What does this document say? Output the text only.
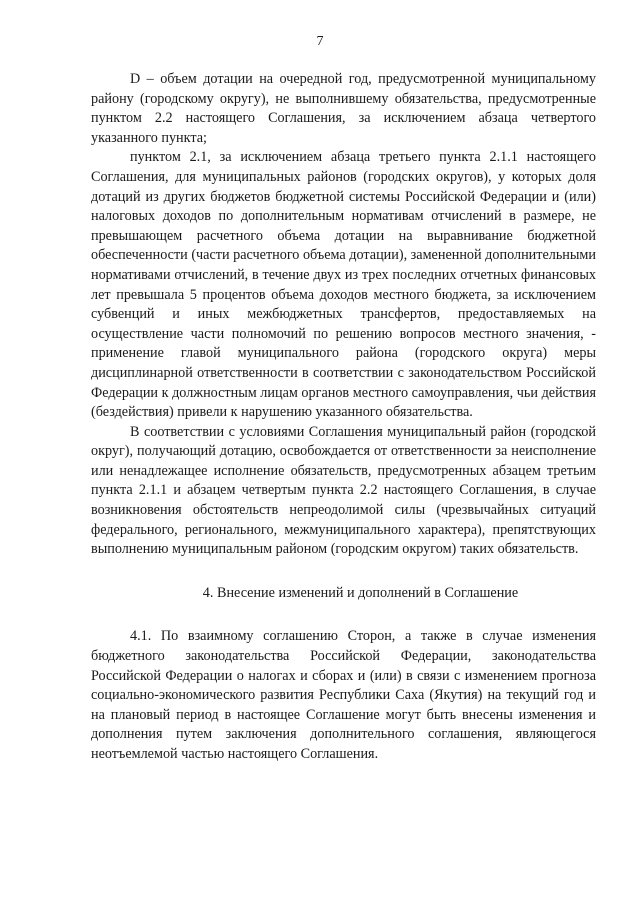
7

D – объем дотации на очередной год, предусмотренной муниципальному району (городскому округу), не выполнившему обязательства, предусмотренные пунктом 2.2 настоящего Соглашения, за исключением абзаца четвертого указанного пункта;

пунктом 2.1, за исключением абзаца третьего пункта 2.1.1 настоящего Соглашения, для муниципальных районов (городских округов), у которых доля дотаций из других бюджетов бюджетной системы Российской Федерации и (или) налоговых доходов по дополнительным нормативам отчислений в размере, не превышающем расчетного объема дотации на выравнивание бюджетной обеспеченности (части расчетного объема дотации), замененной дополнительными нормативами отчислений, в течение двух из трех последних отчетных финансовых лет превышала 5 процентов объема доходов местного бюджета, за исключением субвенций и иных межбюджетных трансфертов, предоставляемых на осуществление части полномочий по решению вопросов местного значения, - применение главой муниципального района (городского округа) меры дисциплинарной ответственности в соответствии с законодательством Российской Федерации к должностным лицам органов местного самоуправления, чьи действия (бездействия) привели к нарушению указанного обязательства.

В соответствии с условиями Соглашения муниципальный район (городской округ), получающий дотацию, освобождается от ответственности за неисполнение или ненадлежащее исполнение обязательств, предусмотренных абзацем третьим пункта 2.1.1 и абзацем четвертым пункта 2.2 настоящего Соглашения, в случае возникновения обстоятельств непреодолимой силы (чрезвычайных ситуаций федерального, регионального, межмуниципального характера), препятствующих выполнению муниципальным районом (городским округом) таких обязательств.

4. Внесение изменений и дополнений в Соглашение

4.1. По взаимному соглашению Сторон, а также в случае изменения бюджетного законодательства Российской Федерации, законодательства Российской Федерации о налогах и сборах и (или) в связи с изменением прогноза социально-экономического развития Республики Саха (Якутия) на текущий год и на плановый период в настоящее Соглашение могут быть внесены изменения и дополнения путем заключения дополнительного соглашения, являющегося неотъемлемой частью настоящего Соглашения.
